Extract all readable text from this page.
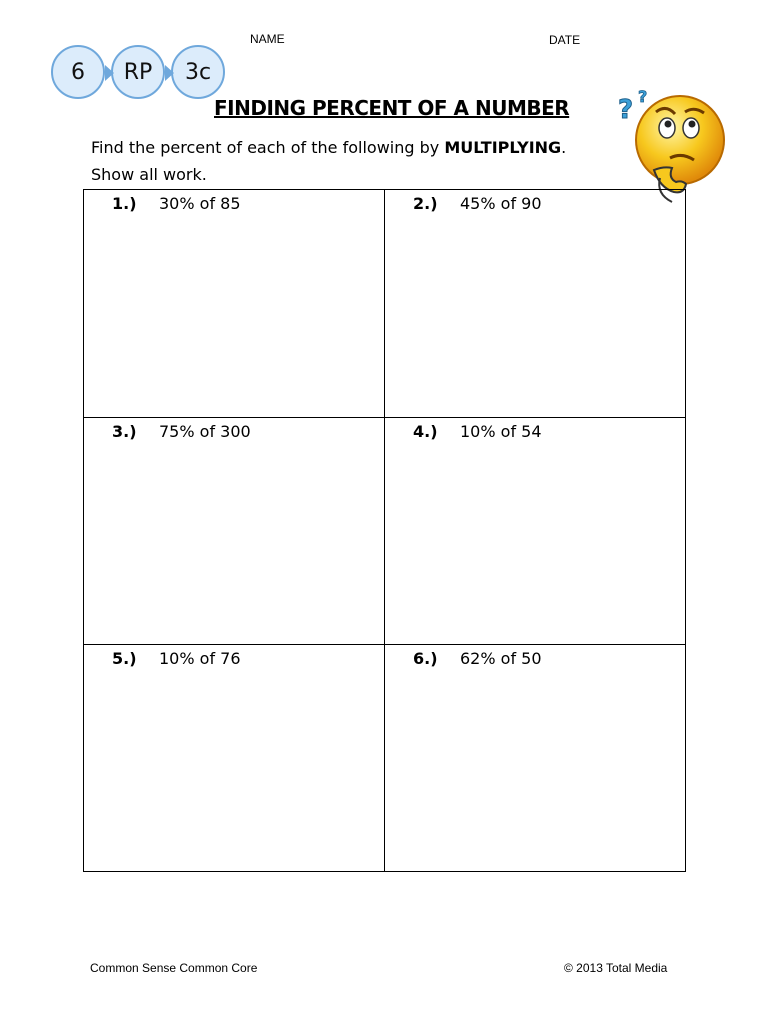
NAME	DATE
6	RP	3c
FINDING PERCENT OF A NUMBER
Find the percent of each of the following by MULTIPLYING.
Show all work.
? ?
1.) 30% of 85	2.) 45% of 90
3.) 75% of 300	4.) 10% of 54
5.) 10% of 76	6.) 62% of 50
Common Sense Common Core	© 2013 Total Media
